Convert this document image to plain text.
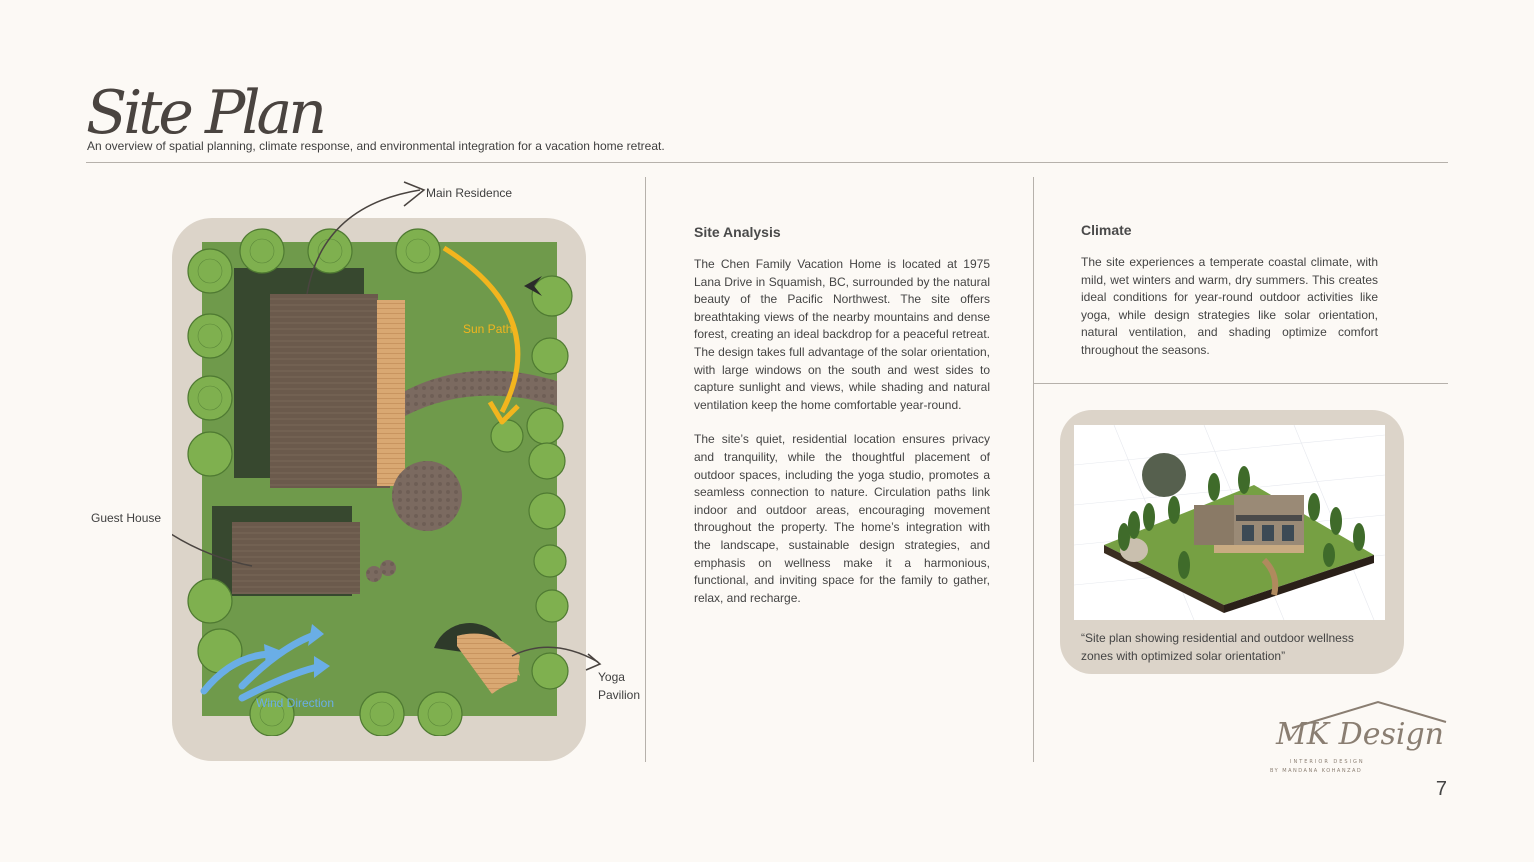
Site Plan
An overview of spatial planning, climate response, and environmental integration for a vacation home retreat.
Main Residence
Guest House
Yoga
Pavilion
Sun Path
Wind Direction
Site Analysis

The Chen Family Vacation Home is located at 1975 Lana Drive in Squamish, BC, surrounded by the natural beauty of the Pacific Northwest. The site offers breathtaking views of the nearby mountains and dense forest, creating an ideal backdrop for a peaceful retreat. The design takes full advantage of the solar orientation, with large windows on the south and west sides to capture sunlight and views, while shading and natural ventilation keep the home comfortable year-round.

The site’s quiet, residential location ensures privacy and tranquility, while the thoughtful placement of outdoor spaces, including the yoga studio, promotes a seamless connection to nature. Circulation paths link indoor and outdoor areas, encouraging movement throughout the property. The home’s integration with the landscape, sustainable design strategies, and emphasis on wellness make it a harmonious, functional, and inviting space for the family to gather, relax, and recharge.

Climate
The site experiences a temperate coastal climate, with mild, wet winters and warm, dry summers. This creates ideal conditions for year-round outdoor activities like yoga, while design strategies like solar orientation, natural ventilation, and shading optimize comfort throughout the seasons.
“Site plan showing residential and outdoor wellness zones with optimized solar orientation”
MK Design
INTERIOR DESIGN
BY MANDANA KOHANZAD
7
